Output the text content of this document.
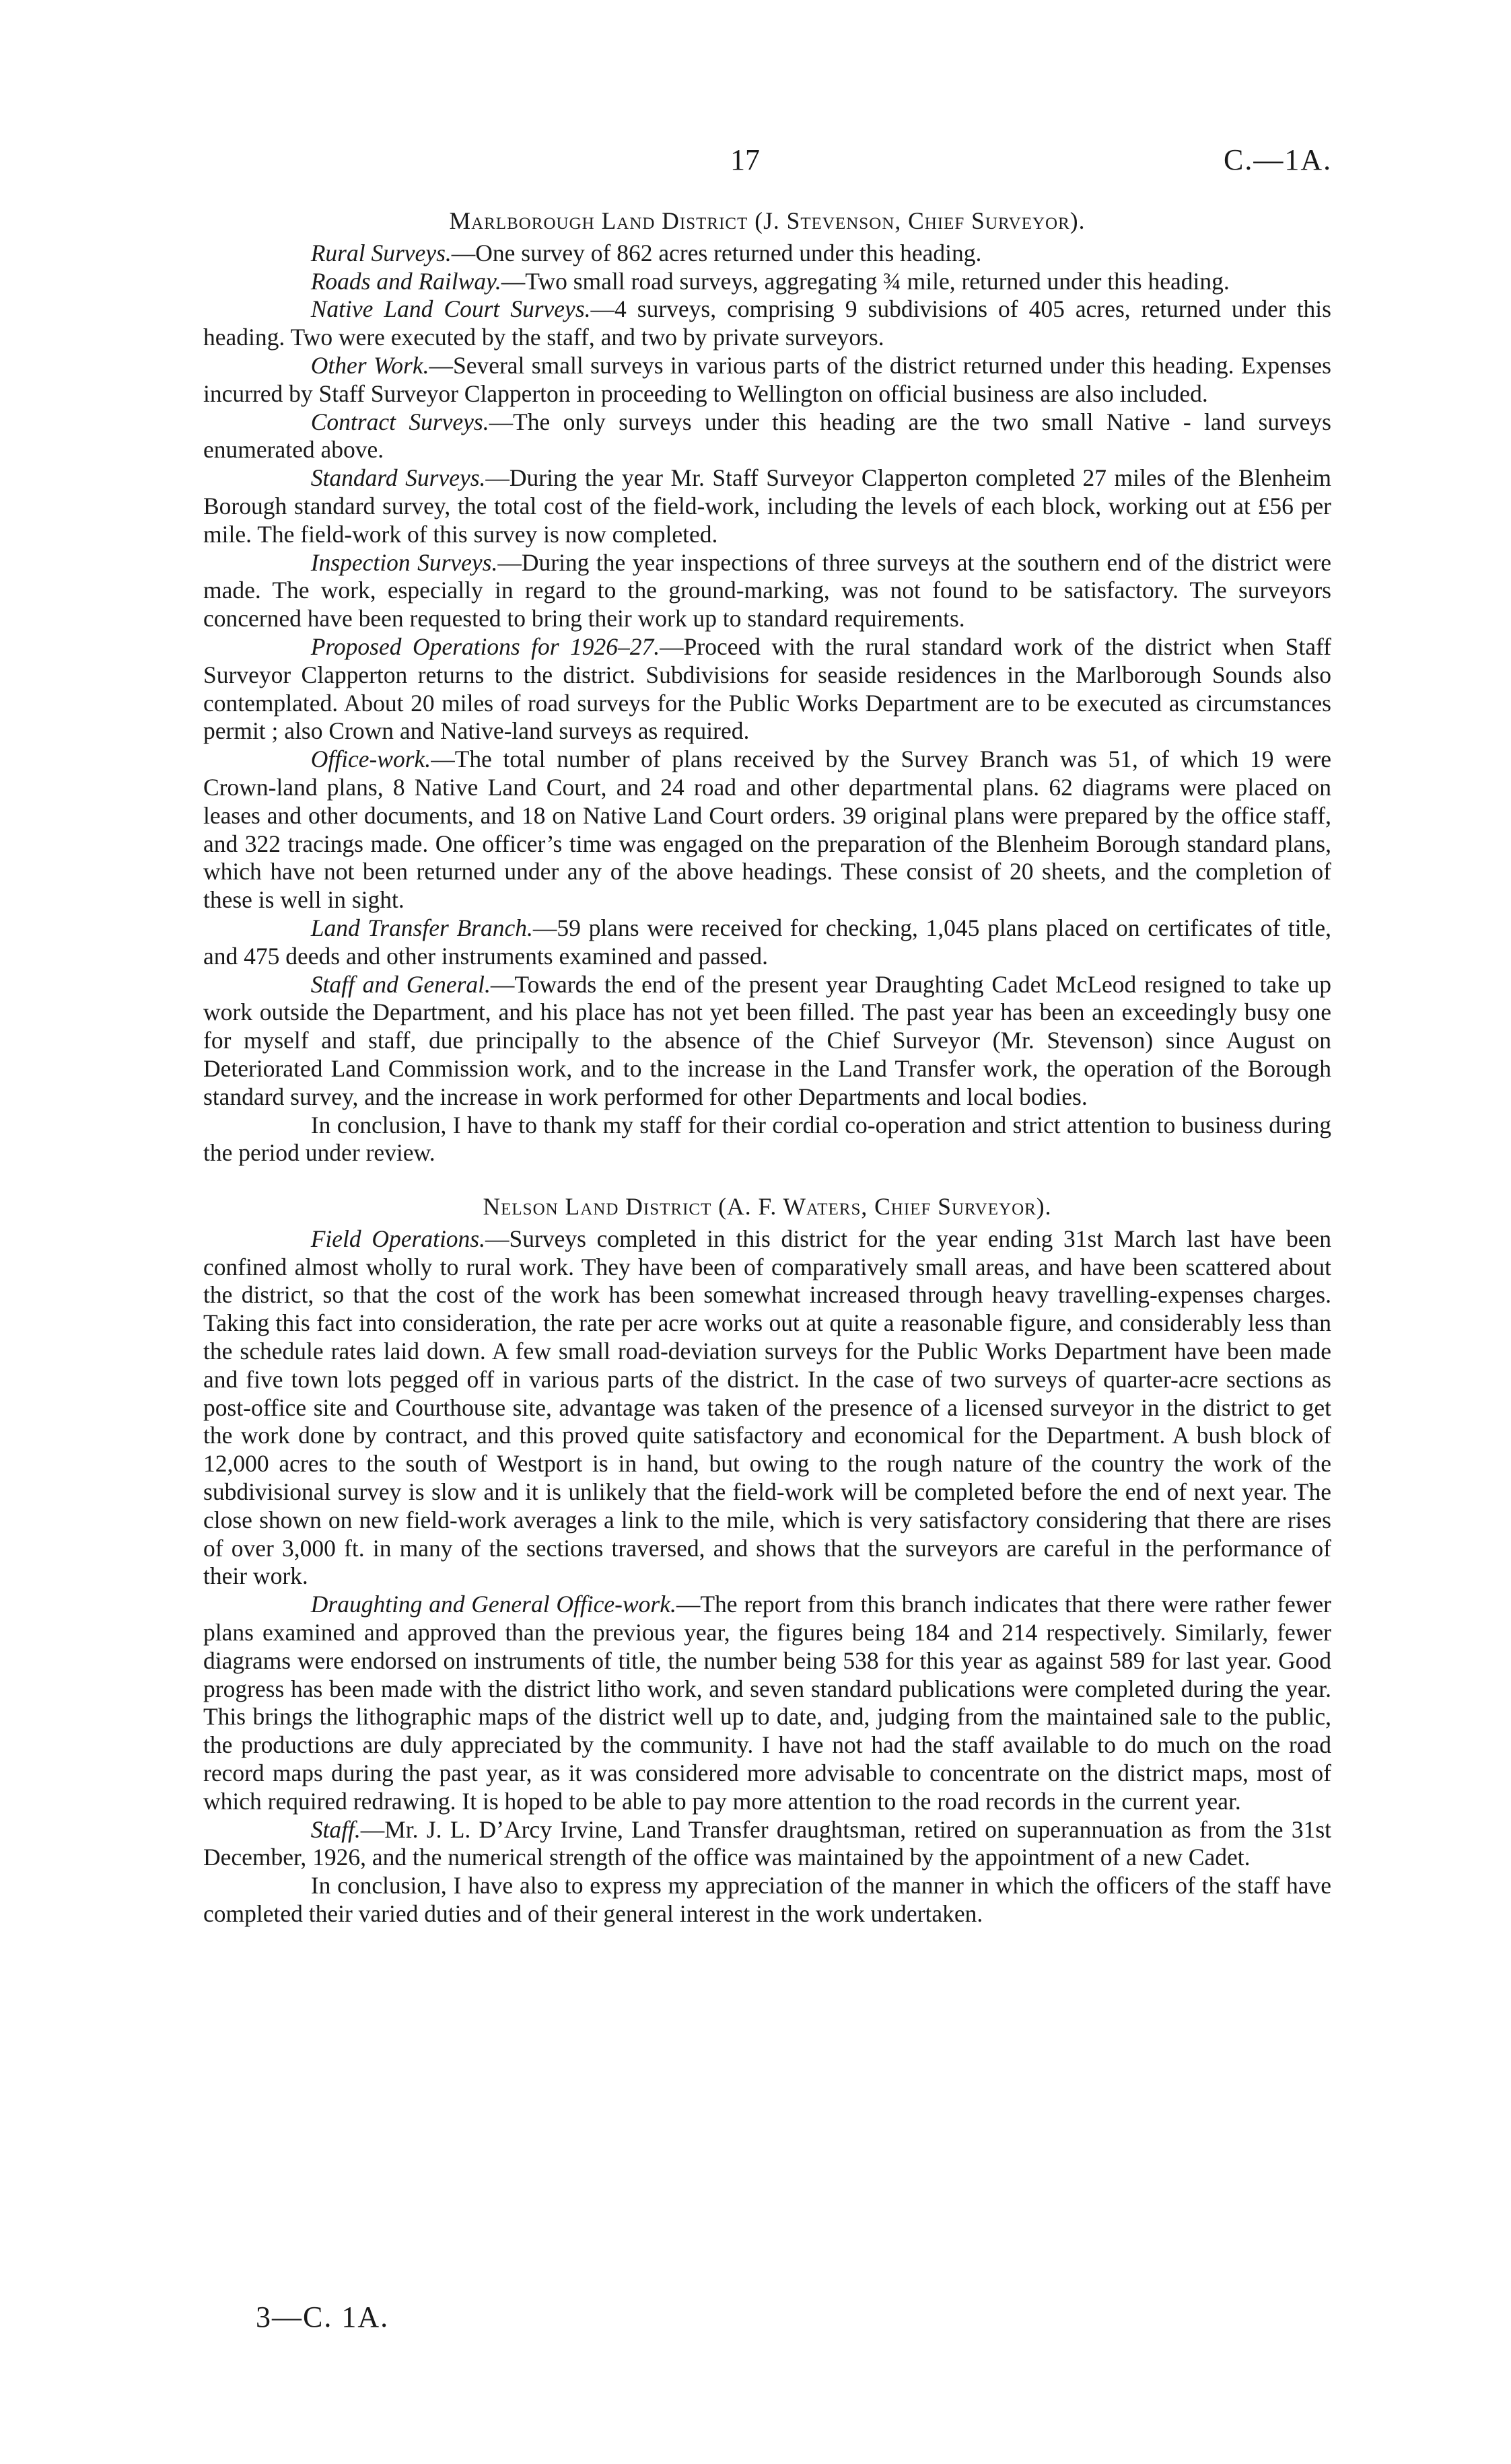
17	C.—1A.
Marlborough Land District (J. Stevenson, Chief Surveyor).

Rural Surveys.—One survey of 862 acres returned under this heading.

Roads and Railway.—Two small road surveys, aggregating ¾ mile, returned under this heading.

Native Land Court Surveys.—4 surveys, comprising 9 subdivisions of 405 acres, returned under this heading. Two were executed by the staff, and two by private surveyors.

Other Work.—Several small surveys in various parts of the district returned under this heading. Expenses incurred by Staff Surveyor Clapperton in proceeding to Wellington on official business are also included.

Contract Surveys.—The only surveys under this heading are the two small Native - land surveys enumerated above.

Standard Surveys.—During the year Mr. Staff Surveyor Clapperton completed 27 miles of the Blenheim Borough standard survey, the total cost of the field-work, including the levels of each block, working out at £56 per mile. The field-work of this survey is now completed.

Inspection Surveys.—During the year inspections of three surveys at the southern end of the district were made. The work, especially in regard to the ground-marking, was not found to be satisfactory. The surveyors concerned have been requested to bring their work up to standard requirements.

Proposed Operations for 1926–27.—Proceed with the rural standard work of the district when Staff Surveyor Clapperton returns to the district. Subdivisions for seaside residences in the Marlborough Sounds also contemplated. About 20 miles of road surveys for the Public Works Department are to be executed as circumstances permit ; also Crown and Native-land surveys as required.

Office-work.—The total number of plans received by the Survey Branch was 51, of which 19 were Crown-land plans, 8 Native Land Court, and 24 road and other departmental plans. 62 diagrams were placed on leases and other documents, and 18 on Native Land Court orders. 39 original plans were prepared by the office staff, and 322 tracings made. One officer’s time was engaged on the preparation of the Blenheim Borough standard plans, which have not been returned under any of the above headings. These consist of 20 sheets, and the completion of these is well in sight.

Land Transfer Branch.—59 plans were received for checking, 1,045 plans placed on certificates of title, and 475 deeds and other instruments examined and passed.

Staff and General.—Towards the end of the present year Draughting Cadet McLeod resigned to take up work outside the Department, and his place has not yet been filled. The past year has been an exceedingly busy one for myself and staff, due principally to the absence of the Chief Surveyor (Mr. Stevenson) since August on Deteriorated Land Commission work, and to the increase in the Land Transfer work, the operation of the Borough standard survey, and the increase in work performed for other Departments and local bodies.

In conclusion, I have to thank my staff for their cordial co-operation and strict attention to business during the period under review.

Nelson Land District (A. F. Waters, Chief Surveyor).

Field Operations.—Surveys completed in this district for the year ending 31st March last have been confined almost wholly to rural work. They have been of comparatively small areas, and have been scattered about the district, so that the cost of the work has been somewhat increased through heavy travelling-expenses charges. Taking this fact into consideration, the rate per acre works out at quite a reasonable figure, and considerably less than the schedule rates laid down. A few small road-deviation surveys for the Public Works Department have been made and five town lots pegged off in various parts of the district. In the case of two surveys of quarter-acre sections as post-office site and Courthouse site, advantage was taken of the presence of a licensed surveyor in the district to get the work done by contract, and this proved quite satisfactory and economical for the Department. A bush block of 12,000 acres to the south of Westport is in hand, but owing to the rough nature of the country the work of the subdivisional survey is slow and it is unlikely that the field-work will be completed before the end of next year. The close shown on new field-work averages a link to the mile, which is very satisfactory considering that there are rises of over 3,000 ft. in many of the sections traversed, and shows that the surveyors are careful in the performance of their work.

Draughting and General Office-work.—The report from this branch indicates that there were rather fewer plans examined and approved than the previous year, the figures being 184 and 214 respectively. Similarly, fewer diagrams were endorsed on instruments of title, the number being 538 for this year as against 589 for last year. Good progress has been made with the district litho work, and seven standard publications were completed during the year. This brings the lithographic maps of the district well up to date, and, judging from the maintained sale to the public, the productions are duly appreciated by the community. I have not had the staff available to do much on the road record maps during the past year, as it was considered more advisable to concentrate on the district maps, most of which required redrawing. It is hoped to be able to pay more attention to the road records in the current year.

Staff.—Mr. J. L. D’Arcy Irvine, Land Transfer draughtsman, retired on superannuation as from the 31st December, 1926, and the numerical strength of the office was maintained by the appointment of a new Cadet.

In conclusion, I have also to express my appreciation of the manner in which the officers of the staff have completed their varied duties and of their general interest in the work undertaken.

3—C. 1A.
